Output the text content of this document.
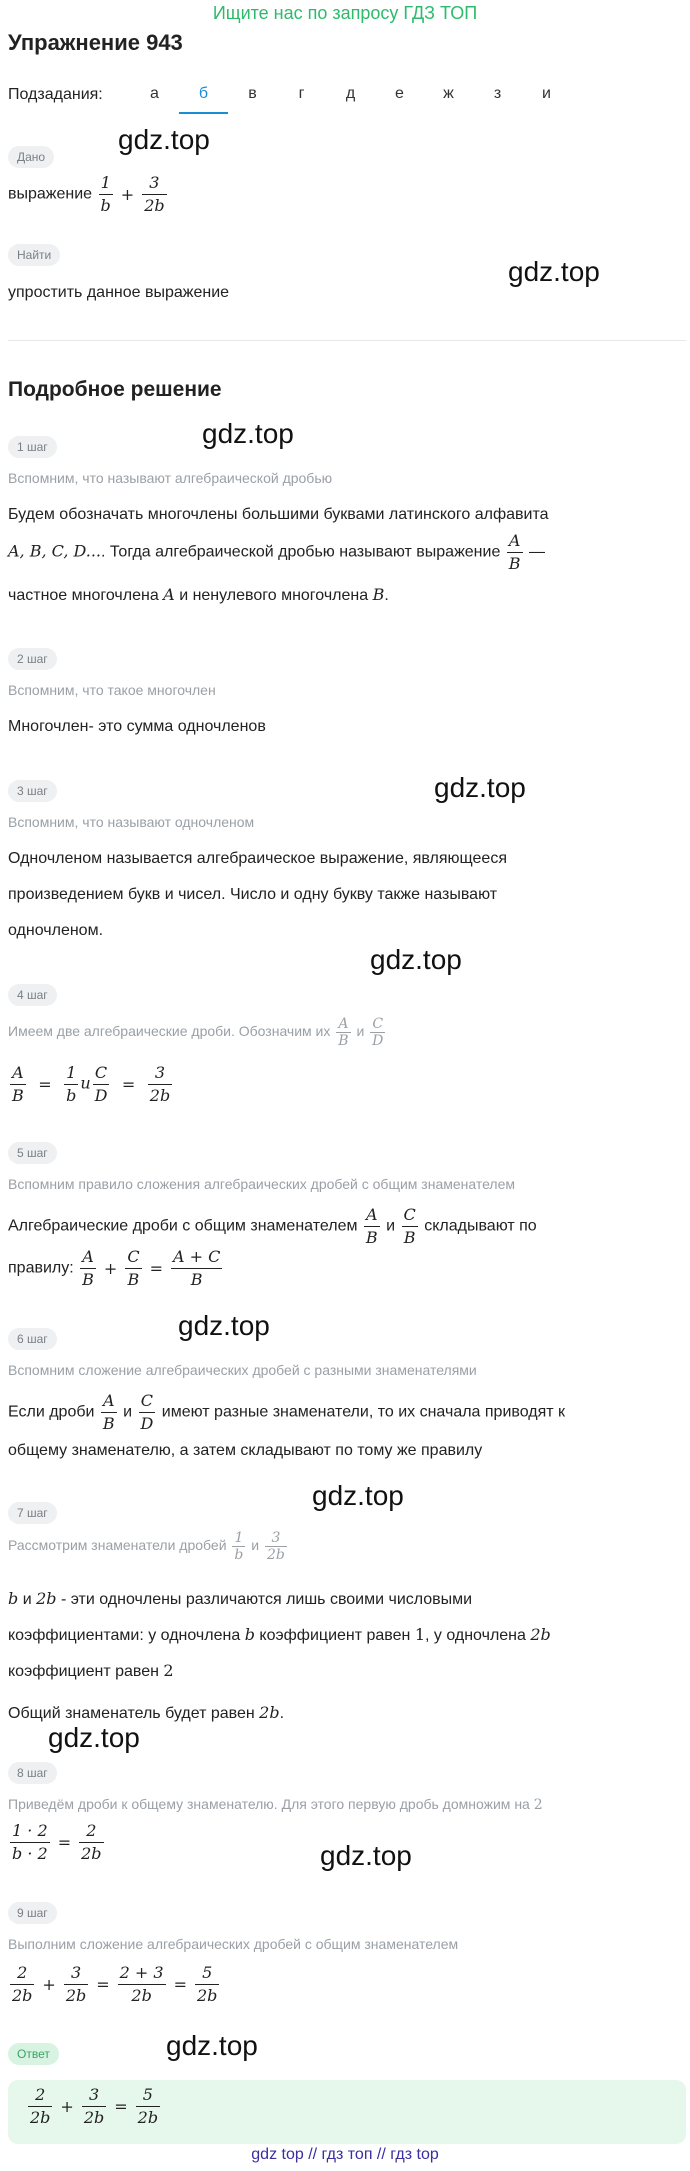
Ищите нас по запросу ГДЗ ТОП
Упражнение 943
Подзадания:	а	б	в	г	д	е	ж	з	и
Дано
выражение $\frac{1}{b} + \frac{3}{2b}$
gdz.top
Найти
упростить данное выражение
gdz.top
Подробное решение
1 шаг	gdz.top
Вспомним, что называют алгебраической дробью
Будем обозначать многочлены большими буквами латинского алфавита
A, B, C, D.... Тогда алгебраической дробью называют выражение $\frac{A}{B}$ —
частное многочлена A и ненулевого многочлена B.
2 шаг
Вспомним, что такое многочлен
Многочлен- это сумма одночленов
3 шаг	gdz.top
Вспомним, что называют одночленом
Одночленом называется алгебраическое выражение, являющееся
произведением букв и чисел. Число и одну букву также называют
одночленом.
gdz.top
4 шаг
Имеем две алгебраические дроби. Обозначим их $\frac{A}{B}$ и $\frac{C}{D}$
$\frac{A}{B} = \frac{1}{b}$ и $\frac{C}{D} = \frac{3}{2b}$
5 шаг
Вспомним правило сложения алгебраических дробей с общим знаменателем
Алгебраические дроби с общим знаменателем $\frac{A}{B}$ и $\frac{C}{B}$ складывают по
правилу: $\frac{A}{B} + \frac{C}{B} = \frac{A + C}{B}$
6 шаг	gdz.top
Вспомним сложение алгебраических дробей с разными знаменателями
Если дроби $\frac{A}{B}$ и $\frac{C}{D}$ имеют разные знаменатели, то их сначала приводят к
общему знаменателю, а затем складывают по тому же правилу
gdz.top
7 шаг
Рассмотрим знаменатели дробей $\frac{1}{b}$ и $\frac{3}{2b}$
b и 2b - эти одночлены различаются лишь своими числовыми
коэффициентами: у одночлена b коэффициент равен 1, у одночлена 2b
коэффициент равен 2
Общий знаменатель будет равен 2b.
gdz.top
8 шаг
Приведём дроби к общему знаменателю. Для этого первую дробь домножим на 2
$\frac{1 \cdot 2}{b \cdot 2} = \frac{2}{2b}$	gdz.top
9 шаг
Выполним сложение алгебраических дробей с общим знаменателем
$\frac{2}{2b} + \frac{3}{2b} = \frac{2 + 3}{2b} = \frac{5}{2b}$
Ответ	gdz.top
$\frac{2}{2b} + \frac{3}{2b} = \frac{5}{2b}$
gdz top // гдз топ // гдз top
